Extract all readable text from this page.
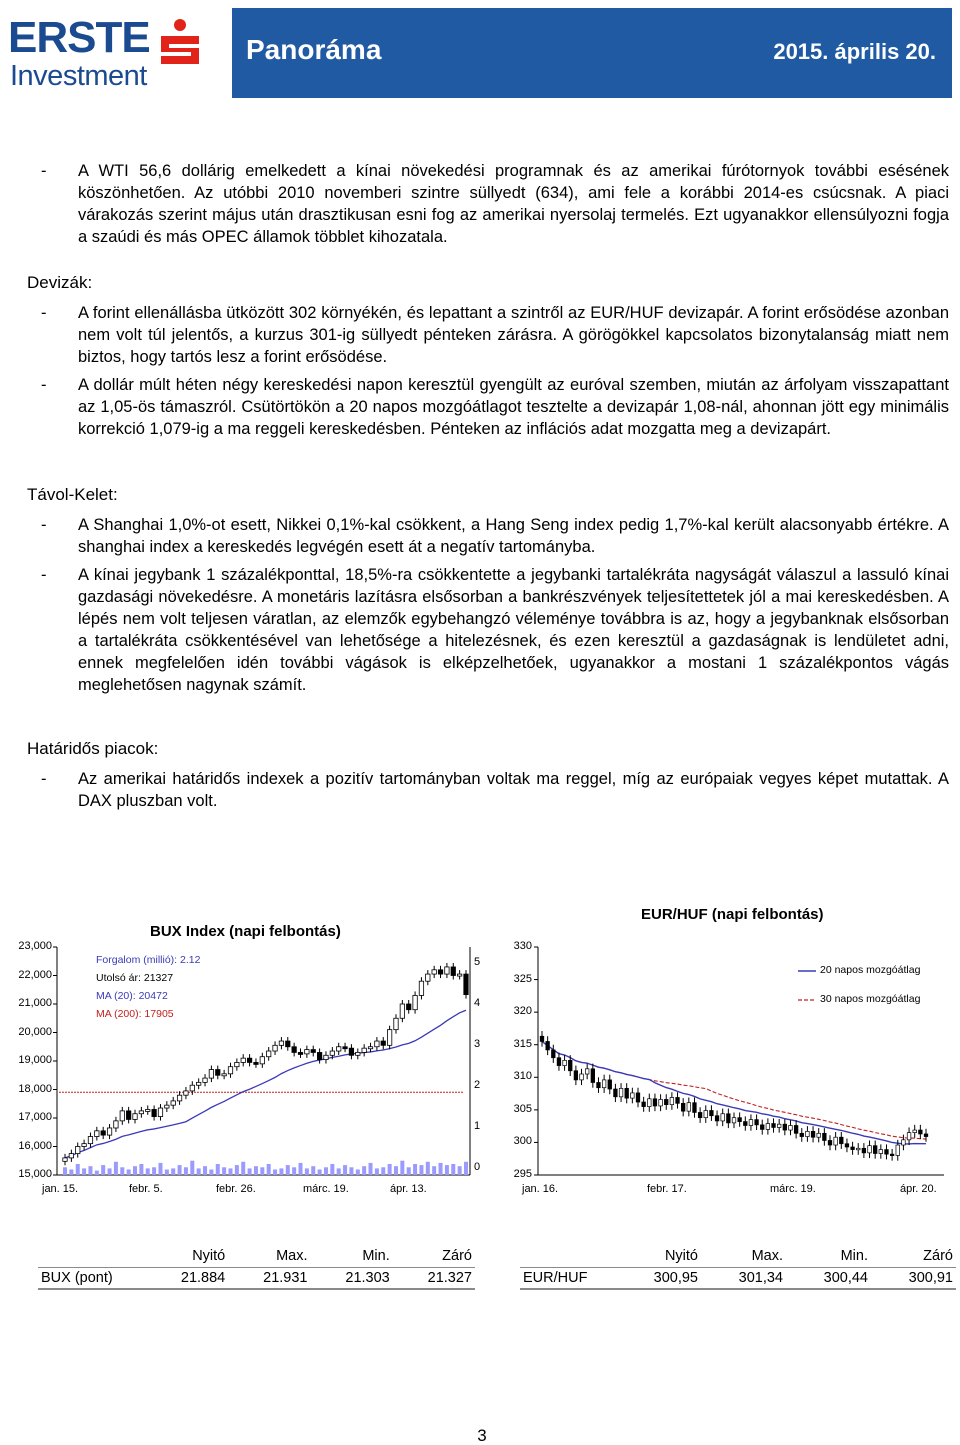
ERSTE
Investment
Panoráma	2015. április 20.
- A WTI 56,6 dollárig emelkedett a kínai növekedési programnak és az amerikai fúrótornyok további esésének köszönhetően. Az utóbbi 2010 novemberi szintre süllyedt (634), ami fele a korábbi 2014-es csúcsnak. A piaci várakozás szerint május után drasztikusan esni fog az amerikai nyersolaj termelés. Ezt ugyanakkor ellensúlyozni fogja a szaúdi és más OPEC államok többlet kihozatala.
Devizák:
- A forint ellenállásba ütközött 302 környékén, és lepattant a szintről az EUR/HUF devizapár. A forint erősödése azonban nem volt túl jelentős, a kurzus 301-ig süllyedt pénteken zárásra. A görögökkel kapcsolatos bizonytalanság miatt nem biztos, hogy tartós lesz a forint erősödése.
- A dollár múlt héten négy kereskedési napon keresztül gyengült az euróval szemben, miután az árfolyam visszapattant az 1,05-ös támaszról. Csütörtökön a 20 napos mozgóátlagot tesztelte a devizapár 1,08-nál, ahonnan jött egy minimális korrekció 1,079-ig a ma reggeli kereskedésben. Pénteken az inflációs adat mozgatta meg a devizapárt.
Távol-Kelet:
- A Shanghai 1,0%-ot esett, Nikkei 0,1%-kal csökkent, a Hang Seng index pedig 1,7%-kal került alacsonyabb értékre. A shanghai index a kereskedés legvégén esett át a negatív tartományba.
- A kínai jegybank 1 százalékponttal, 18,5%-ra csökkentette a jegybanki tartalékráta nagyságát válaszul a lassuló kínai gazdasági növekedésre. A monetáris lazításra elsősorban a bankrészvények teljesítettetek jól a mai kereskedésben. A lépés nem volt teljesen váratlan, az elemzők egybehangzó véleménye továbbra is az, hogy a jegybanknak elsősorban a tartalékráta csökkentésével van lehetősége a hitelezésnek, és ezen keresztül a gazdaságnak is lendületet adni, ennek megfelelően idén további vágások is elképzelhetőek, ugyanakkor a mostani 1 százalékpontos vágás meglehetősen nagynak számít.
Határidős piacok:
- Az amerikai határidős indexek a pozitív tartományban voltak ma reggel, míg az európaiak vegyes képet mutattak. A DAX pluszban volt.
BUX Index (napi felbontás)
23,000
22,000
21,000
20,000
19,000
18,000
17,000
16,000
15,000
5
4
3
2
1
0
jan. 15.	febr. 5.	febr. 26.	márc. 19.	ápr. 13.
Forgalom (millió): 2.12
Utolsó ár: 21327
MA (20): 20472
MA (200): 17905
EUR/HUF (napi felbontás)
330
325
320
315
310
305
300
295
jan. 16.	febr. 17.	márc. 19.	ápr. 20.
20 napos mozgóátlag
30 napos mozgóátlag
	Nyitó	Max.	Min.	Záró
BUX (pont)	21.884	21.931	21.303	21.327
	Nyitó	Max.	Min.	Záró
EUR/HUF	300,95	301,34	300,44	300,91
3
